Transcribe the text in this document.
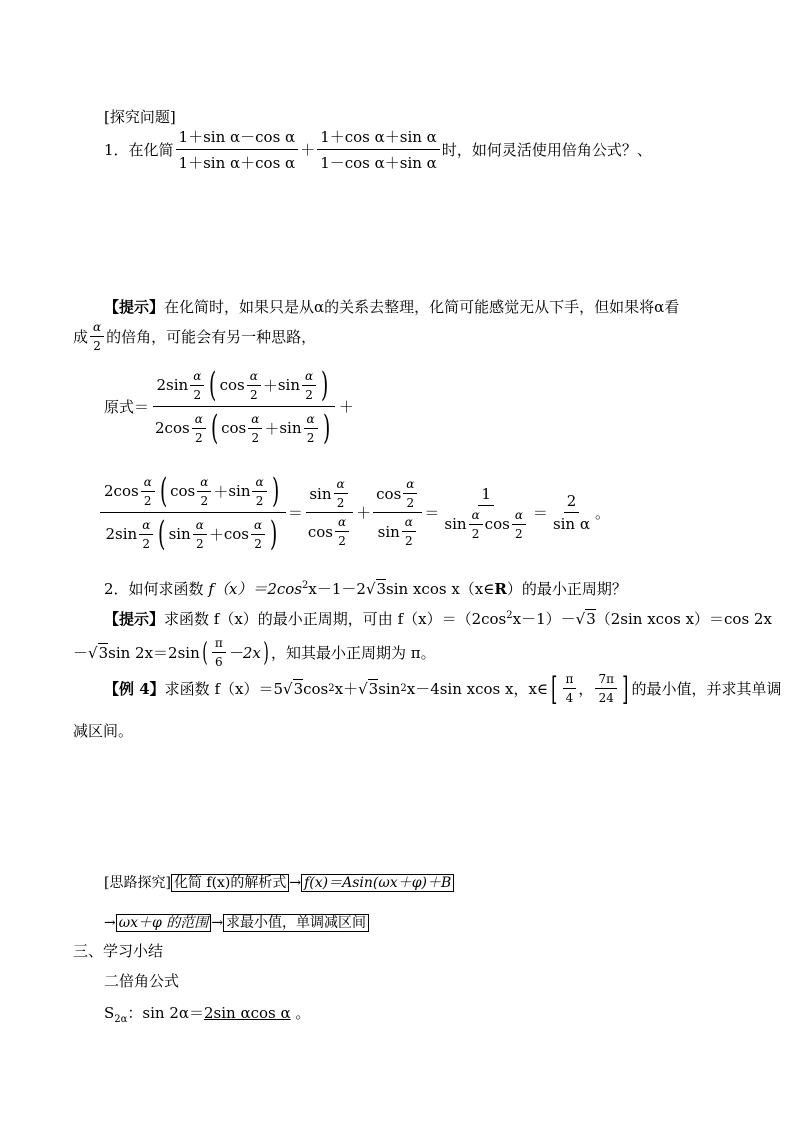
[探究问题]
1．在化简 $\frac{\text{1＋sin α－cos α}}{\text{1＋sin α＋cos α}} + \frac{\text{1＋cos α＋sin α}}{\text{1－cos α＋sin α}}$ 时，如何灵活使用倍角公式？、
【提示】在化简时，如果只是从α的关系去整理，化简可能感觉无从下手，但如果将α看
成 $\frac{\alpha}{2}$ 的倍角，可能会有另一种思路，
原式＝
$2\sin \frac{\alpha}{2}$ ( $\cos \frac{\alpha}{2} + \sin \frac{\alpha}{2}$ )
$2\cos \frac{\alpha}{2}$ ( $\cos \frac{\alpha}{2} + \sin \frac{\alpha}{2}$ )
＋
$2\cos \frac{\alpha}{2}$ ( $\cos \frac{\alpha}{2} + \sin \frac{\alpha}{2}$ )
$2\sin \frac{\alpha}{2}$ ( $\sin \frac{\alpha}{2} + \cos \frac{\alpha}{2}$ )
＝ $\frac{\sin \frac{\alpha}{2}}{\cos \frac{\alpha}{2}} + \frac{\cos \frac{\alpha}{2}}{\sin \frac{\alpha}{2}} = \frac{1}{\sin \frac{\alpha}{2} \cos \frac{\alpha}{2}} = \frac{2}{\text{sin α}}$ 。
2．如何求函数 $f(x)=2\cos^2x-1-2√3\sin$ xcos x（x∈R）的最小正周期？
【提示】求函数 f（x）的最小正周期，可由 $f(x)=(2\cos^2x-1)-√3(2\sin$ xcos x）＝cos 2x
－ √ 3 sin 2x＝2sin ( $\frac{\pi}{6} -2x$ ) ，知其最小正周期为 π。
【例 4】 求函数 f（x）＝5 √ 3 cos 2 x＋ √ 3 sin 2 x－4sin xcos x，x∈ [ $\frac{\pi}{4}$ ， $\frac{7\pi}{24}$ ] 的最小值，并求其单调
减区间。
[思路探究] 化简 f(x)的解析式 → f(x)＝Asin(ωx＋φ)＋B
→ ωx＋φ 的范围 → 求最小值，单调减区间
三、学习小结
二倍角公式
$S_{2\alpha}$：sin 2α＝2sin αcos α 。
